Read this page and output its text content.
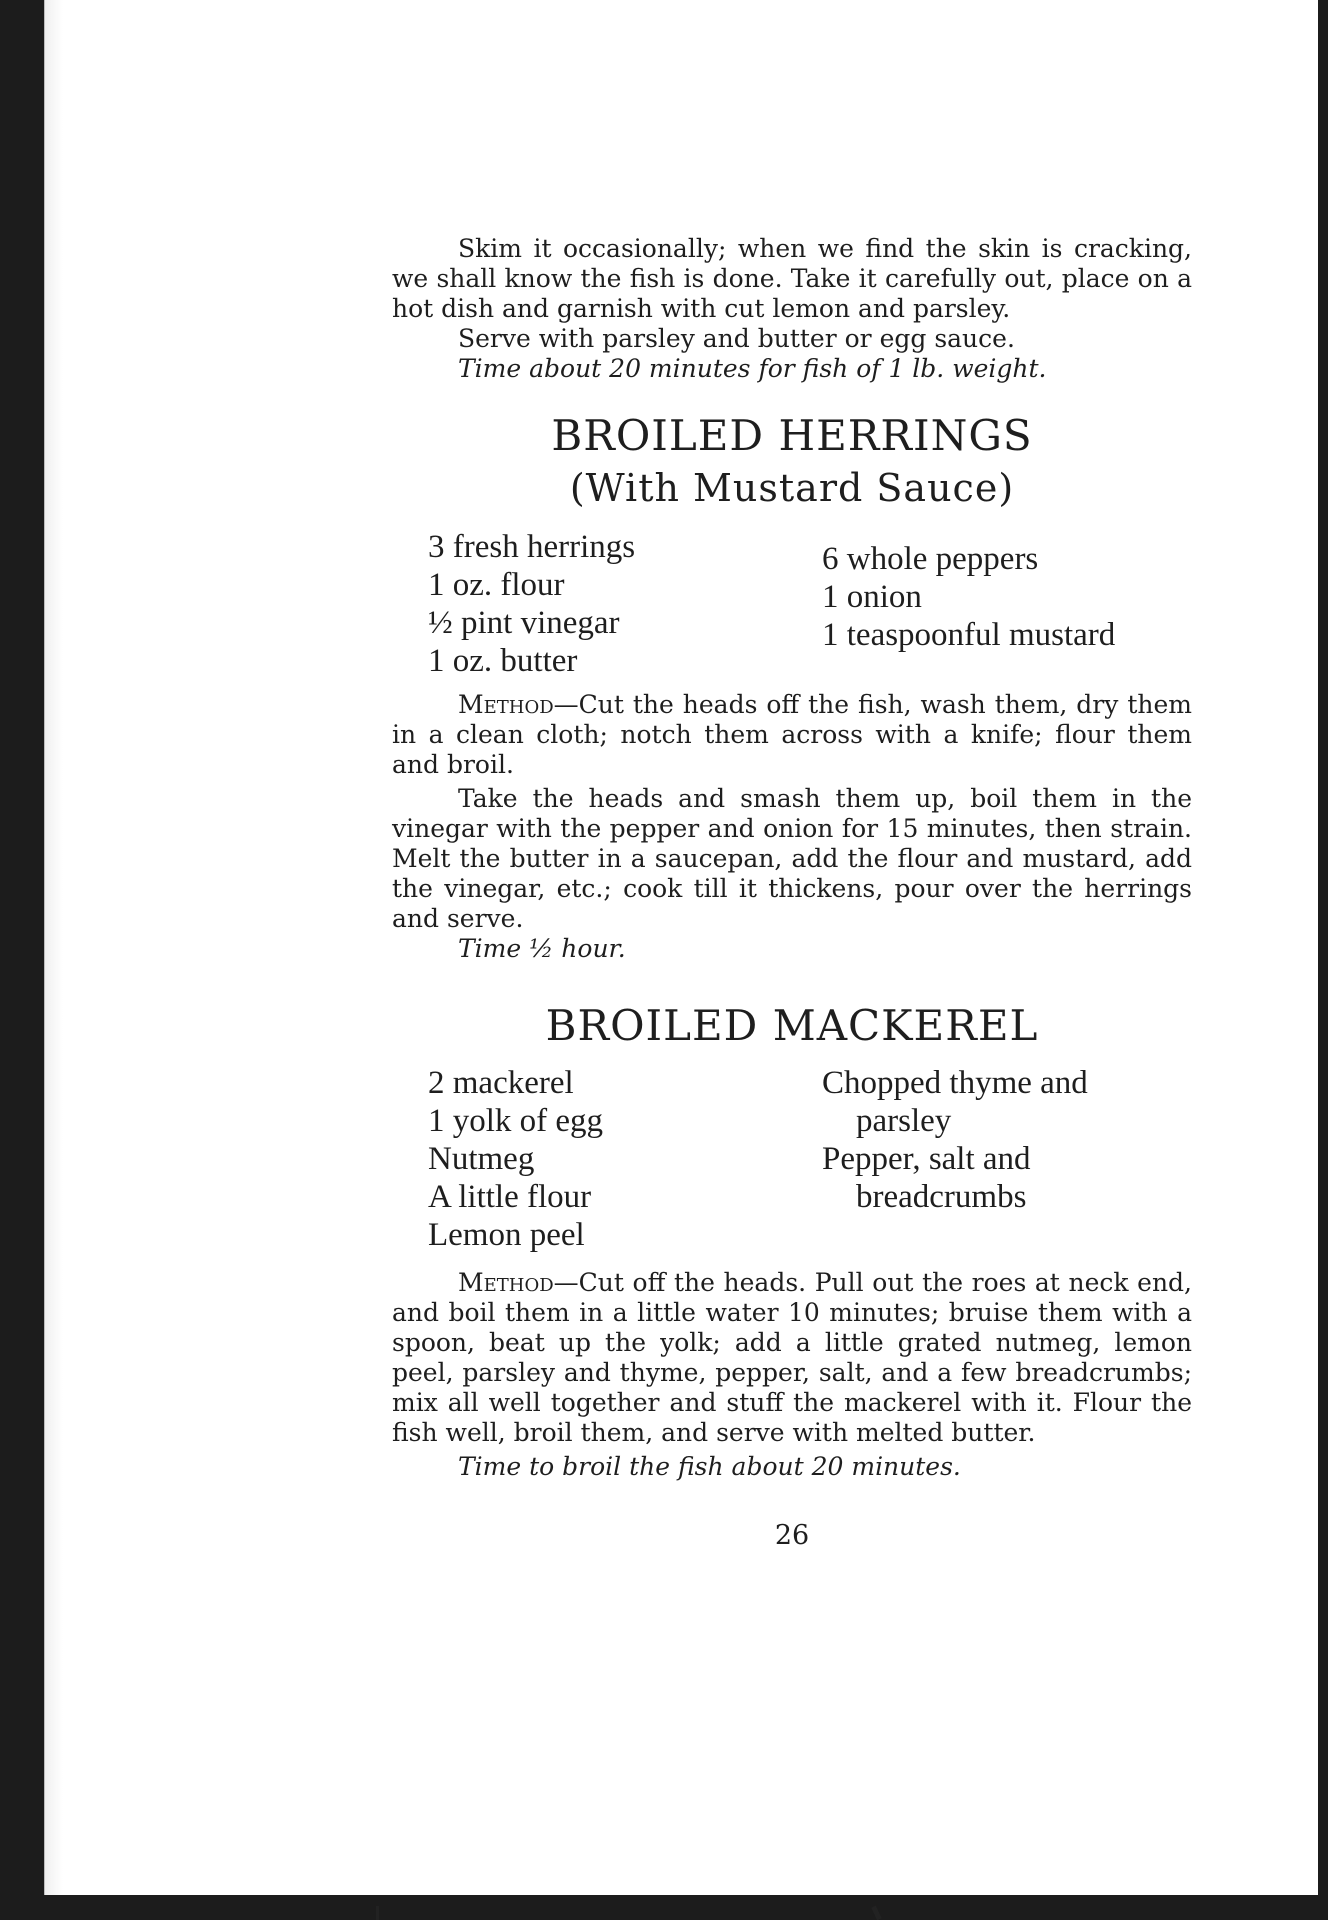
Skim it occasionally; when we find the skin is cracking, we shall know the fish is done. Take it carefully out, place on a hot dish and garnish with cut lemon and parsley.

Serve with parsley and butter or egg sauce.

Time about 20 minutes for fish of 1 lb. weight.

BROILED HERRINGS
(With Mustard Sauce)
3 fresh herrings
1 oz. flour
½ pint vinegar
1 oz. butter
6 whole peppers
1 onion
1 teaspoonful mustard

Method—Cut the heads off the fish, wash them, dry them in a clean cloth; notch them across with a knife; flour them and broil.

Take the heads and smash them up, boil them in the vinegar with the pepper and onion for 15 minutes, then strain. Melt the butter in a saucepan, add the flour and mustard, add the vinegar, etc.; cook till it thickens, pour over the herrings and serve.

Time ½ hour.

BROILED MACKEREL
2 mackerel
1 yolk of egg
Nutmeg
A little flour
Lemon peel
Chopped thyme and parsley
Pepper, salt and breadcrumbs

Method—Cut off the heads. Pull out the roes at neck end, and boil them in a little water 10 minutes; bruise them with a spoon, beat up the yolk; add a little grated nutmeg, lemon peel, parsley and thyme, pepper, salt, and a few breadcrumbs; mix all well together and stuff the mackerel with it. Flour the fish well, broil them, and serve with melted butter.

Time to broil the fish about 20 minutes.

26
